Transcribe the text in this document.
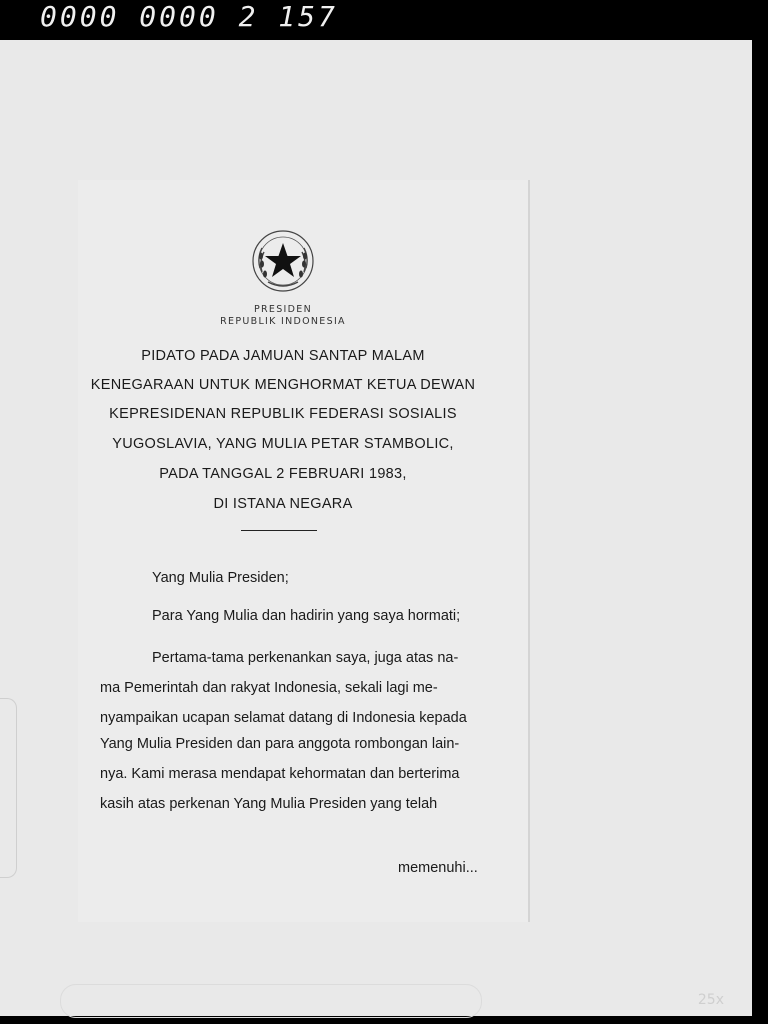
0000 0000 2 157
25x
PRESIDEN
REPUBLIK INDONESIA
PIDATO PADA JAMUAN SANTAP MALAM
KENEGARAAN UNTUK MENGHORMAT KETUA DEWAN
KEPRESIDENAN REPUBLIK FEDERASI SOSIALIS
YUGOSLAVIA, YANG MULIA PETAR STAMBOLIC,
PADA TANGGAL 2 FEBRUARI 1983,
DI ISTANA NEGARA
Yang Mulia Presiden;
Para Yang Mulia dan hadirin yang saya hormati;
Pertama-tama perkenankan saya, juga atas na-
ma Pemerintah dan rakyat Indonesia, sekali lagi me-
nyampaikan ucapan selamat datang di Indonesia kepada
Yang Mulia Presiden dan para anggota rombongan lain-
nya. Kami merasa mendapat kehormatan dan berterima
kasih atas perkenan Yang Mulia Presiden yang telah
memenuhi...
